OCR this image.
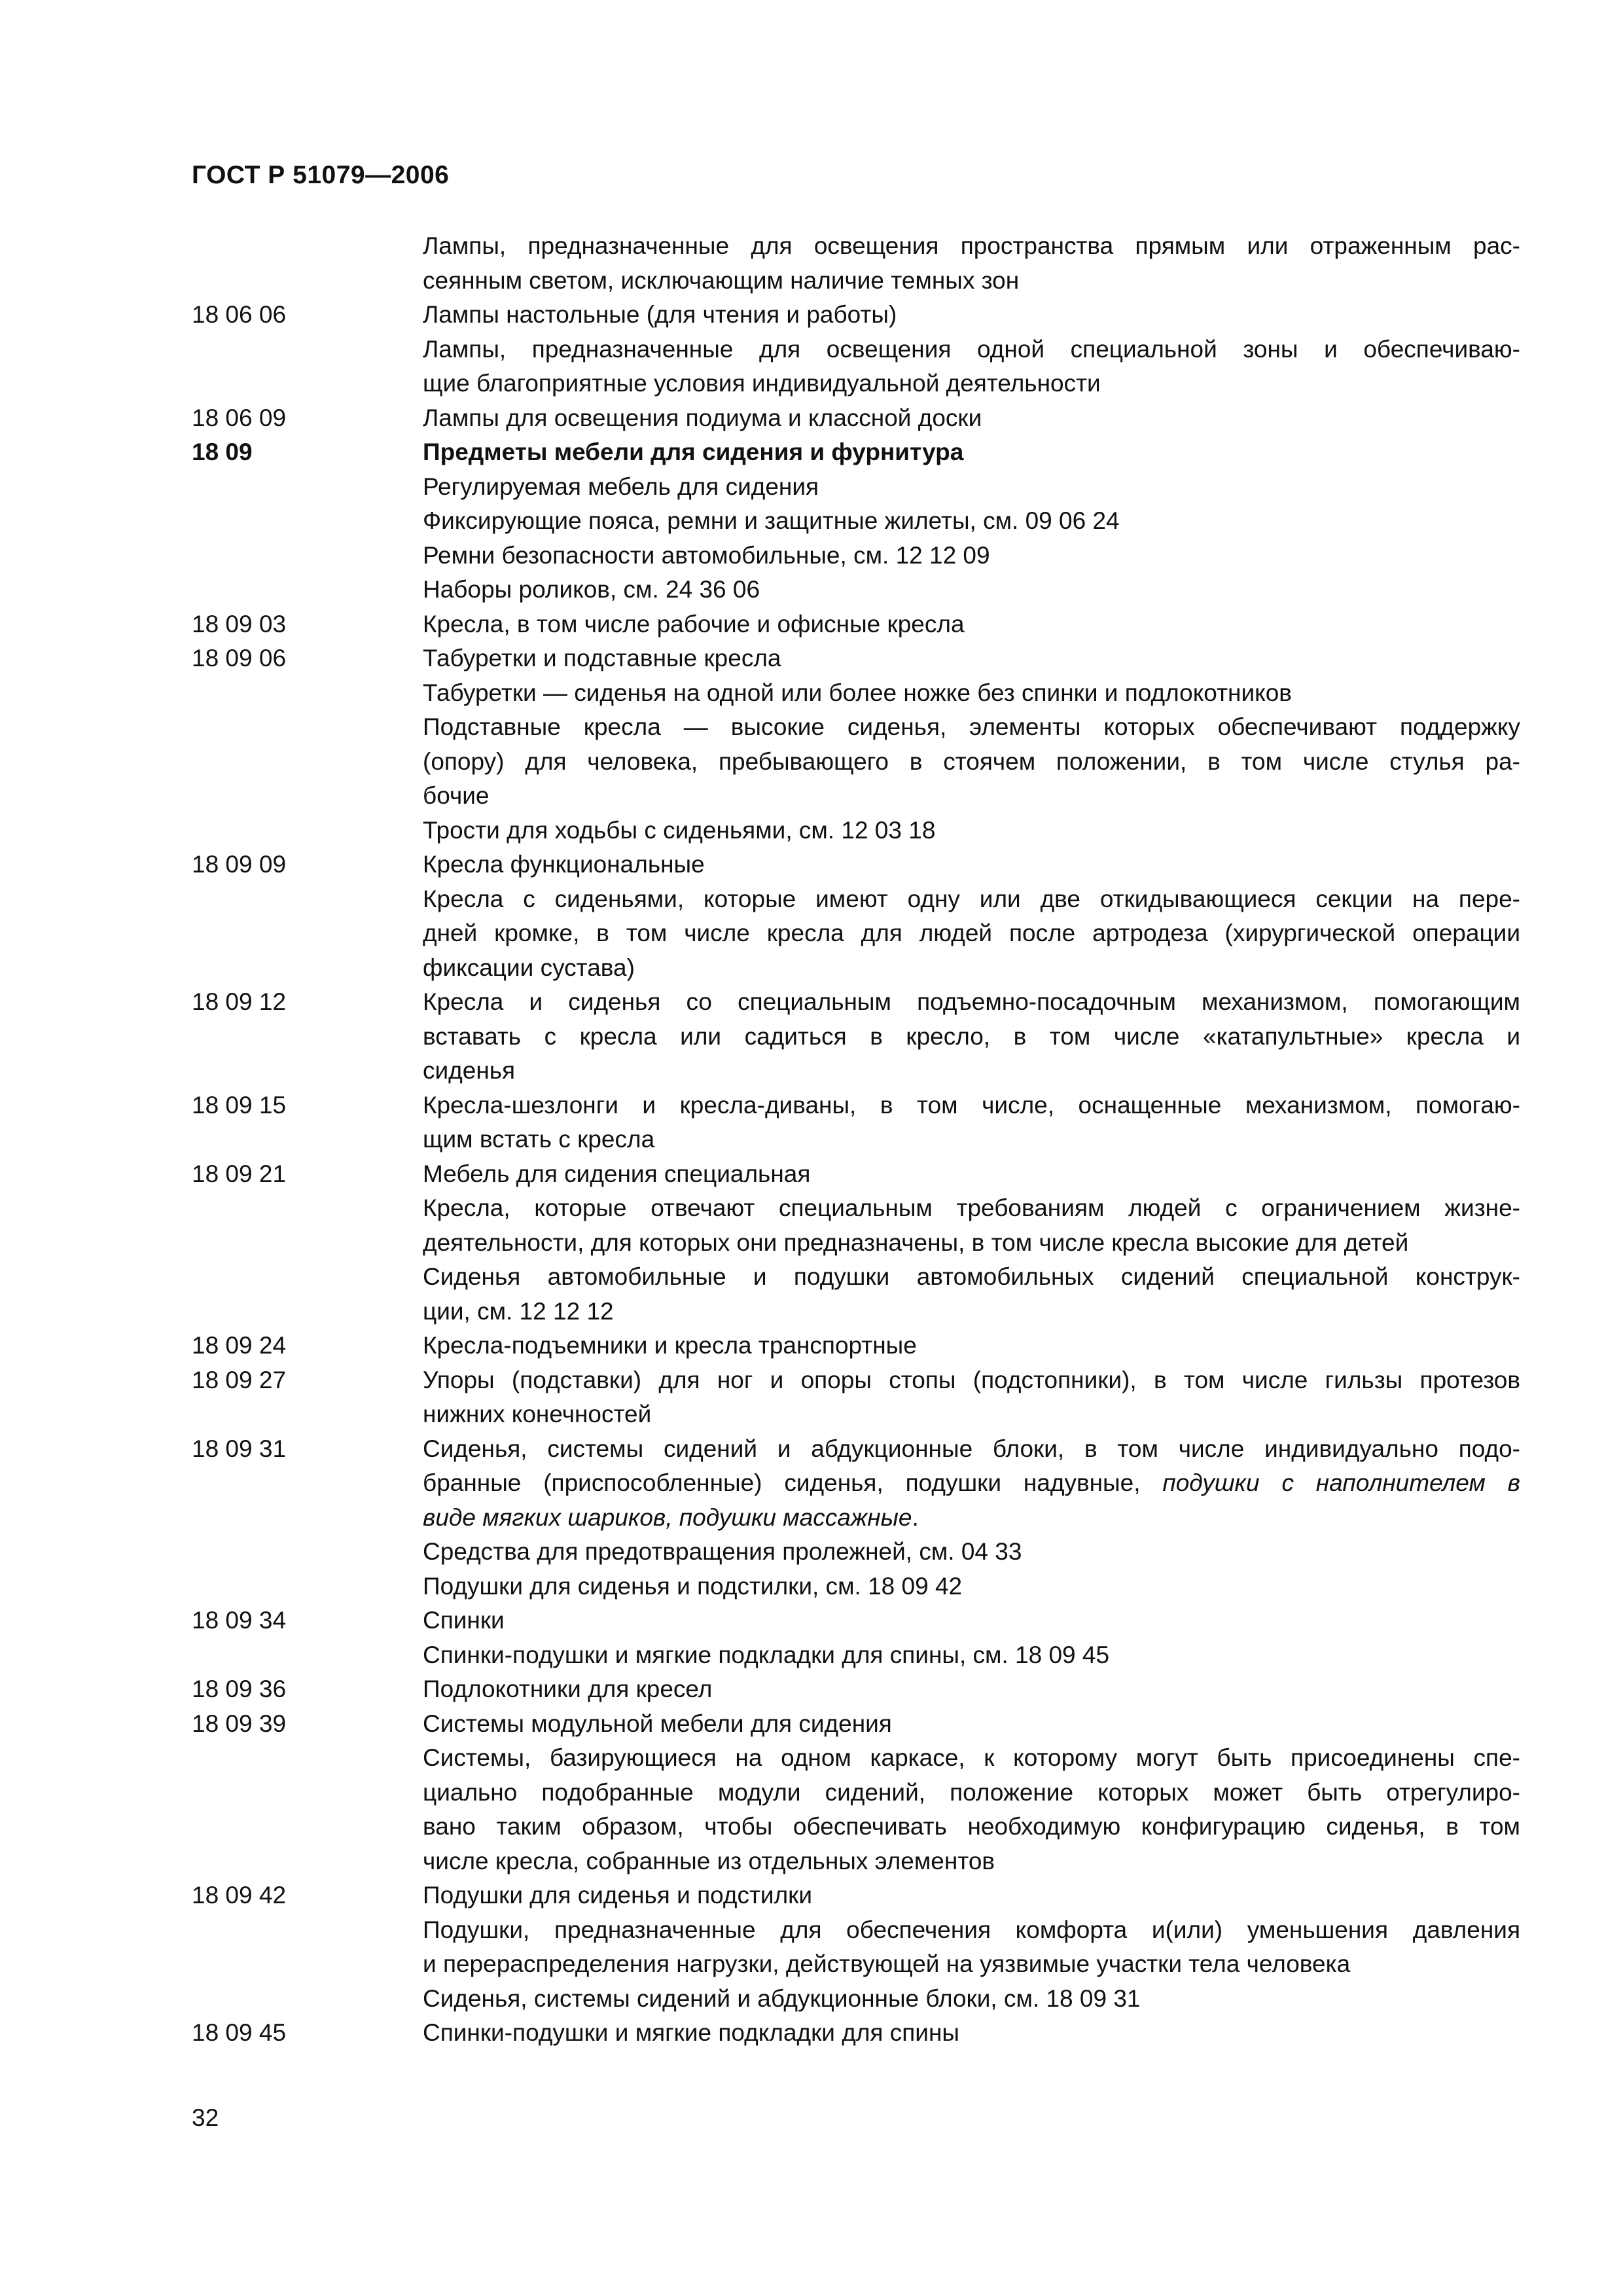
ГОСТ Р 51079—2006
Лампы, предназначенные для освещения пространства прямым или отраженным рас-
сеянным светом, исключающим наличие темных зон
18 06 06	Лампы настольные (для чтения и работы)
Лампы, предназначенные для освещения одной специальной зоны и обеспечиваю-
щие благоприятные условия индивидуальной деятельности
18 06 09	Лампы для освещения подиума и классной доски
18 09	Предметы мебели для сидения и фурнитура
Регулируемая мебель для сидения
Фиксирующие пояса, ремни и защитные жилеты, см. 09 06 24
Ремни безопасности автомобильные, см. 12 12 09
Наборы роликов, см. 24 36 06
18 09 03	Кресла, в том числе рабочие и офисные кресла
18 09 06	Табуретки и подставные кресла
Табуретки — сиденья на одной или более ножке без спинки и подлокотников
Подставные кресла — высокие сиденья, элементы которых обеспечивают поддержку
(опору) для человека, пребывающего в стоячем положении, в том числе стулья ра-
бочие
Трости для ходьбы с сиденьями, см. 12 03 18
18 09 09	Кресла функциональные
Кресла с сиденьями, которые имеют одну или две откидывающиеся секции на пере-
дней кромке, в том числе кресла для людей после артродеза (хирургической операции
фиксации сустава)
18 09 12	Кресла и сиденья со специальным подъемно-посадочным механизмом, помогающим
вставать с кресла или садиться в кресло, в том числе «катапультные» кресла и
сиденья
18 09 15	Кресла-шезлонги и кресла-диваны, в том числе, оснащенные механизмом, помогаю-
щим встать с кресла
18 09 21	Мебель для сидения специальная
Кресла, которые отвечают специальным требованиям людей с ограничением жизне-
деятельности, для которых они предназначены, в том числе кресла высокие для детей
Сиденья автомобильные и подушки автомобильных сидений специальной конструк-
ции, см. 12 12 12
18 09 24	Кресла-подъемники и кресла транспортные
18 09 27	Упоры (подставки) для ног и опоры стопы (подстопники), в том числе гильзы протезов
нижних конечностей
18 09 31	Сиденья, системы сидений и абдукционные блоки, в том числе индивидуально подо-
бранные (приспособленные) сиденья, подушки надувные, подушки с наполнителем в
виде мягких шариков, подушки массажные.
Средства для предотвращения пролежней, см. 04 33
Подушки для сиденья и подстилки, см. 18 09 42
18 09 34	Спинки
Спинки-подушки и мягкие подкладки для спины, см. 18 09 45
18 09 36	Подлокотники для кресел
18 09 39	Системы модульной мебели для сидения
Системы, базирующиеся на одном каркасе, к которому могут быть присоединены спе-
циально подобранные модули сидений, положение которых может быть отрегулиро-
вано таким образом, чтобы обеспечивать необходимую конфигурацию сиденья, в том
числе кресла, собранные из отдельных элементов
18 09 42	Подушки для сиденья и подстилки
Подушки, предназначенные для обеспечения комфорта и(или) уменьшения давления
и перераспределения нагрузки, действующей на уязвимые участки тела человека
Сиденья, системы сидений и абдукционные блоки, см. 18 09 31
18 09 45	Спинки-подушки и мягкие подкладки для спины
32
